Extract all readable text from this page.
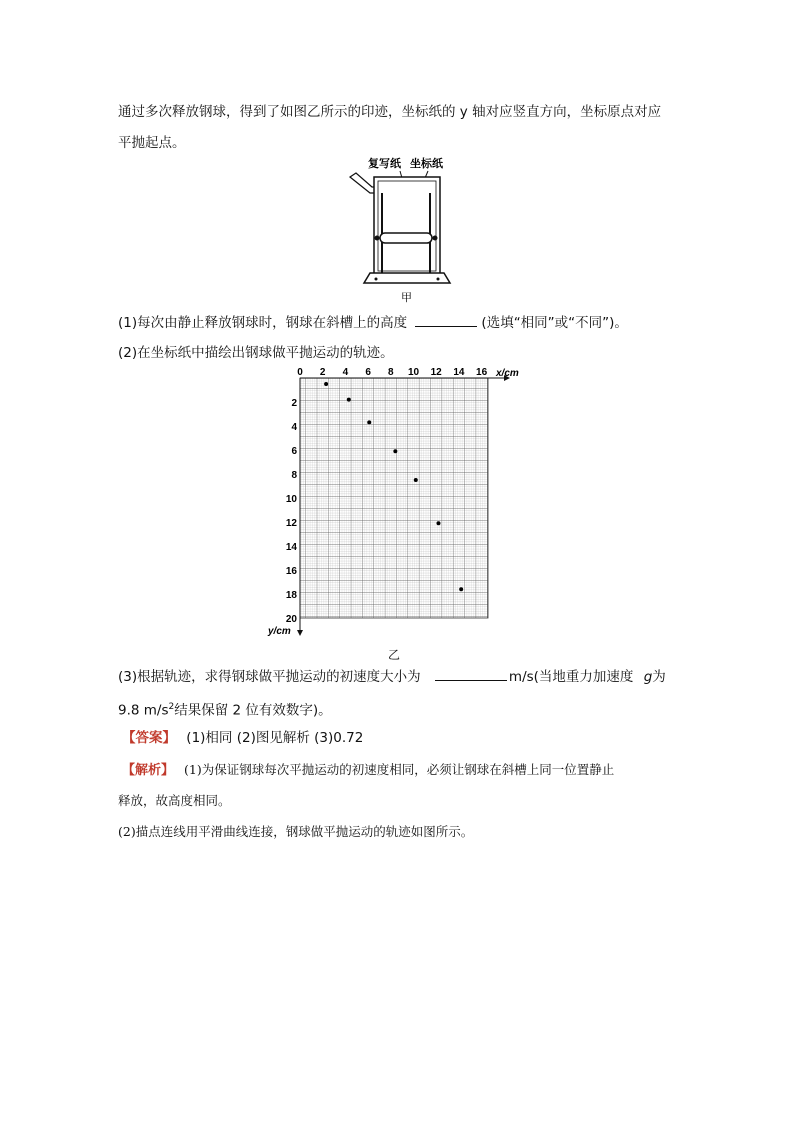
通过多次释放钢球，得到了如图乙所示的印迹，坐标纸的 y 轴对应竖直方向，坐标原点对应
平抛起点。
复写纸 坐标纸
甲
(1)每次由静止释放钢球时，钢球在斜槽上的高度	(选填“相同”或“不同”)。
(2)在坐标纸中描绘出钢球做平抛运动的轨迹。
x/cm
y/cm
0 2 4 6 8 10 12 14 16
2
4
6
8
10
12
14
16
18
20
乙
(3)根据轨迹，求得钢球做平抛运动的初速度大小为	m/s(当地重力加速度 g为
9.8 $m/s^2$结果保留 2 位有效数字)。
【答案】 (1)相同 (2)图见解析 (3)0.72
【解析】 (1)为保证钢球每次平抛运动的初速度相同，必须让钢球在斜槽上同一位置静止
释放，故高度相同。
(2)描点连线用平滑曲线连接，钢球做平抛运动的轨迹如图所示。
